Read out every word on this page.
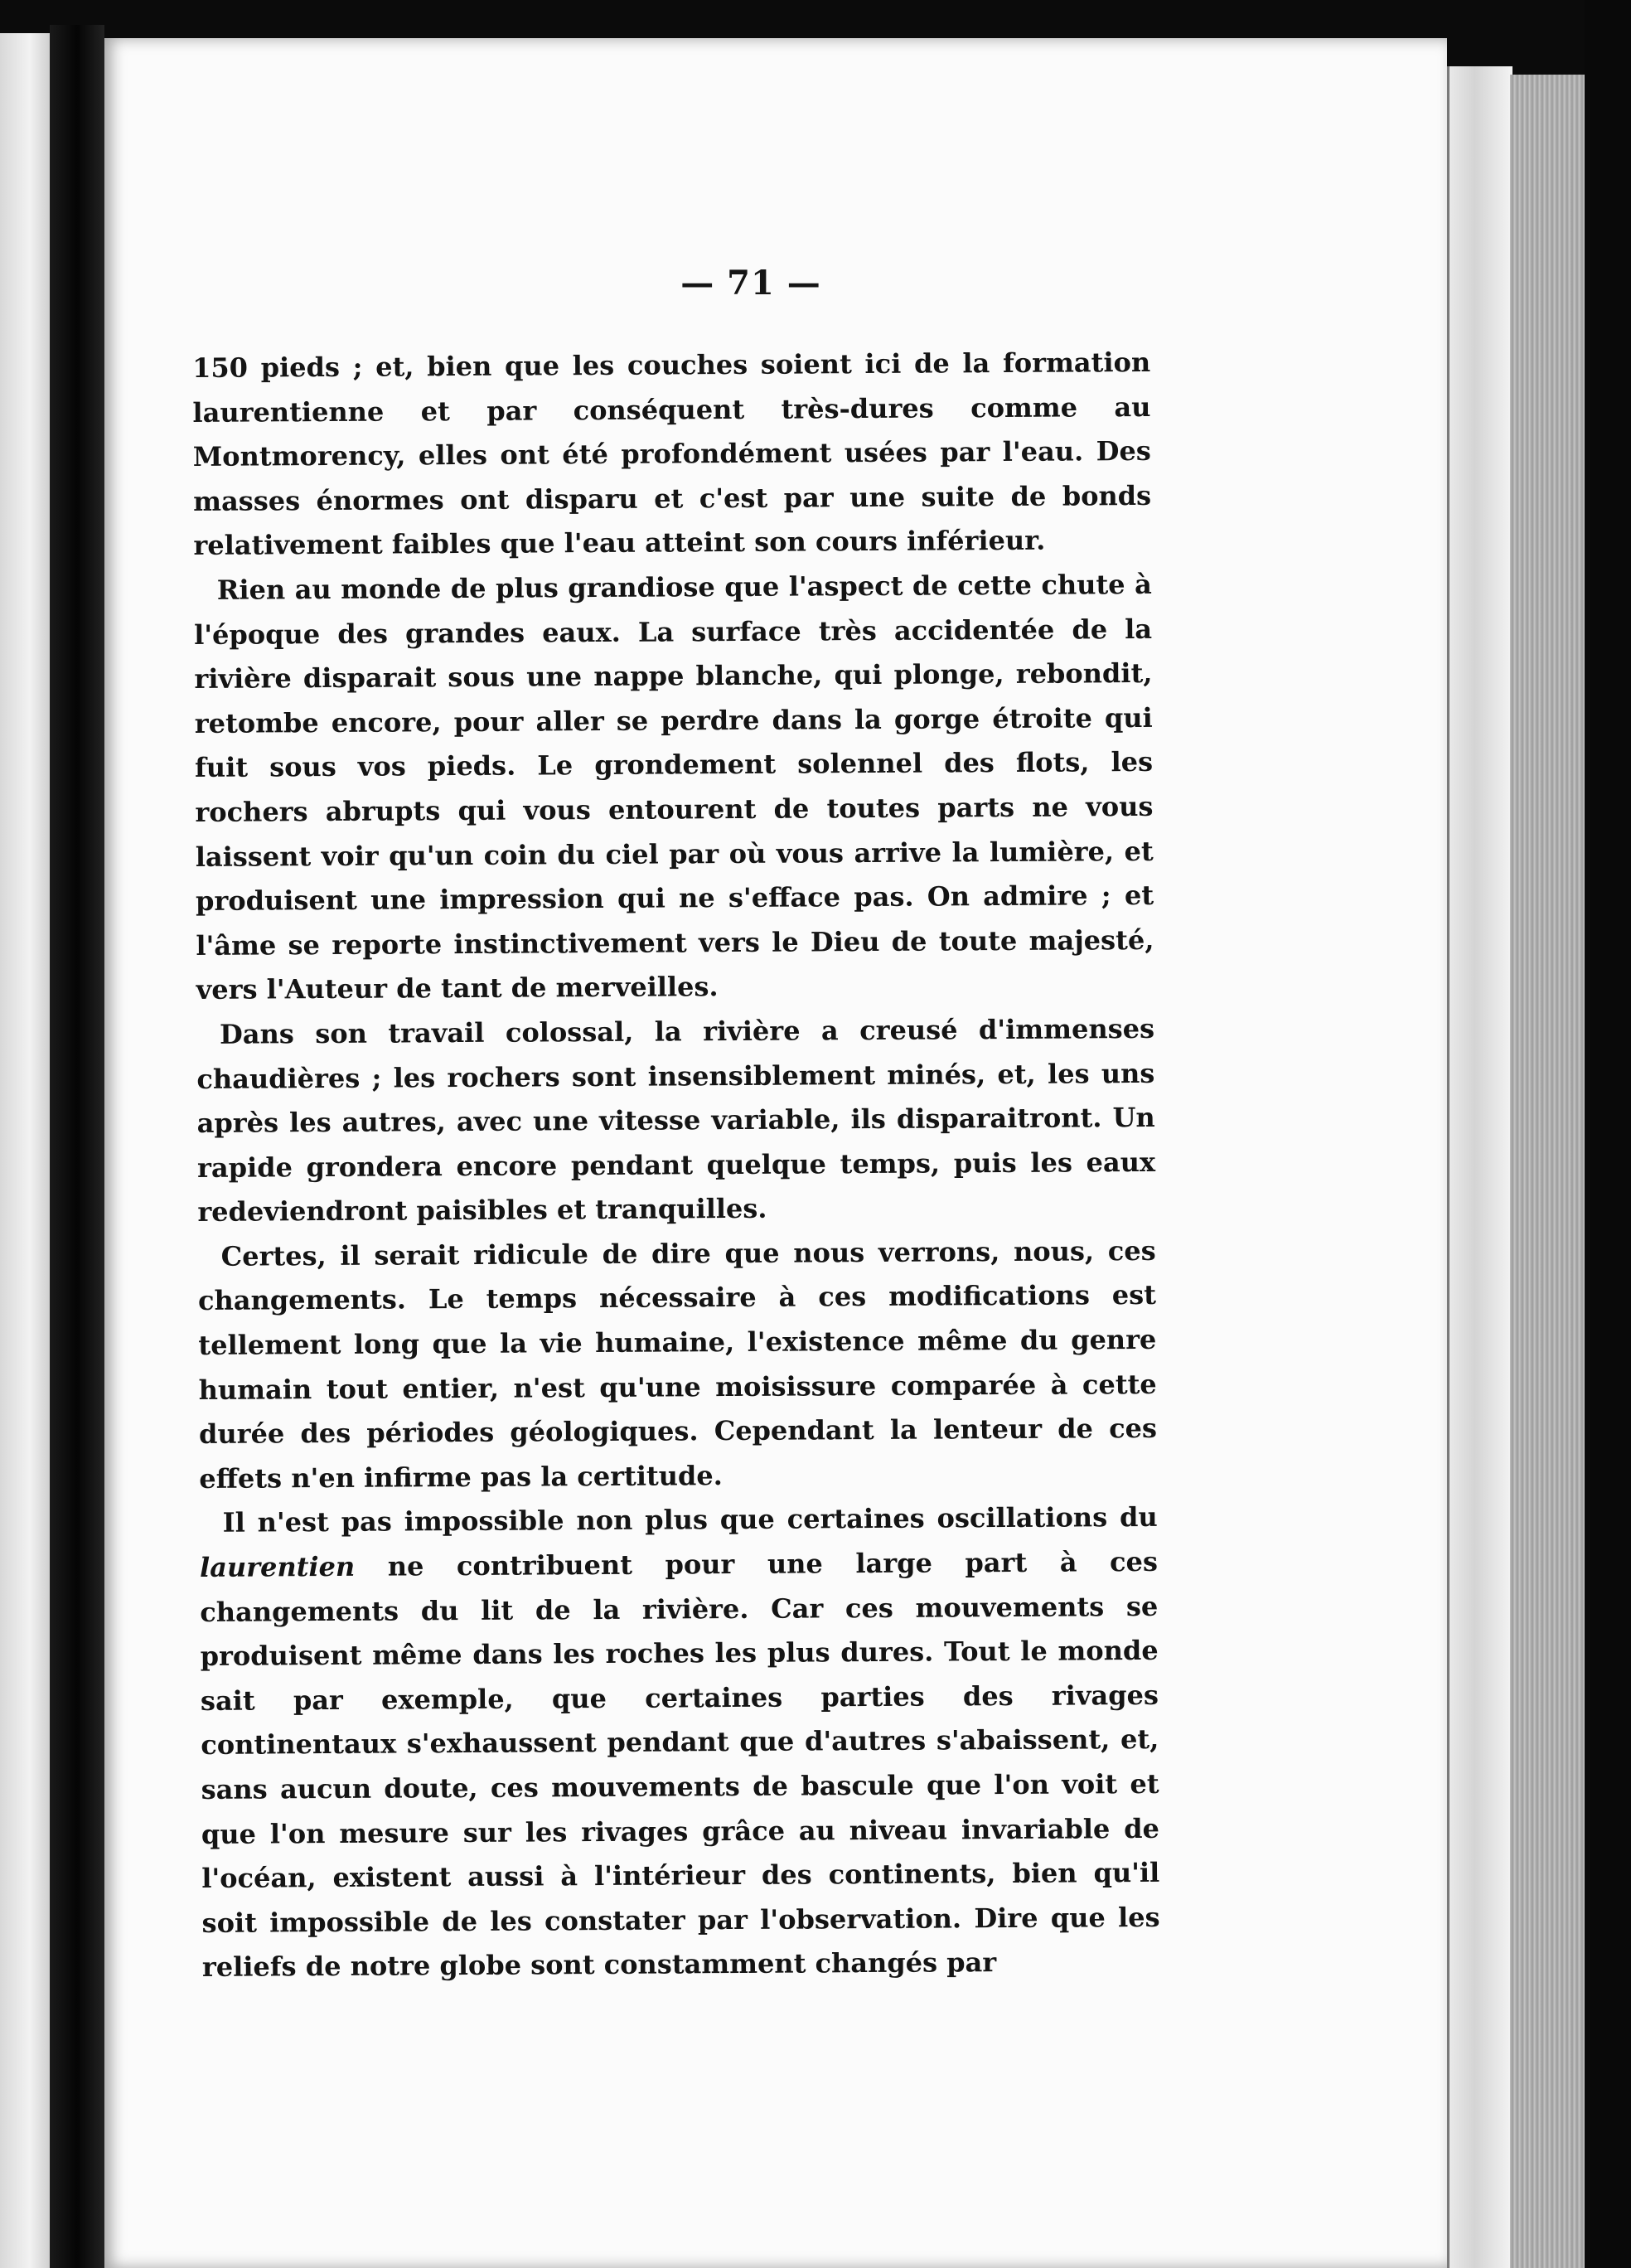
— 71 —

150 pieds ; et, bien que les couches soient ici de la formation laurentienne et par conséquent très-dures comme au Montmorency, elles ont été profondément usées par l'eau. Des masses énormes ont disparu et c'est par une suite de bonds relativement faibles que l'eau atteint son cours inférieur.

Rien au monde de plus grandiose que l'aspect de cette chute à l'époque des grandes eaux. La surface très accidentée de la rivière disparait sous une nappe blanche, qui plonge, rebondit, retombe encore, pour aller se perdre dans la gorge étroite qui fuit sous vos pieds. Le grondement solennel des flots, les rochers abrupts qui vous entourent de toutes parts ne vous laissent voir qu'un coin du ciel par où vous arrive la lumière, et produisent une impression qui ne s'efface pas. On admire ; et l'âme se reporte instinctivement vers le Dieu de toute majesté, vers l'Auteur de tant de merveilles.

Dans son travail colossal, la rivière a creusé d'immenses chaudières ; les rochers sont insensiblement minés, et, les uns après les autres, avec une vitesse variable, ils disparaitront. Un rapide grondera encore pendant quelque temps, puis les eaux redeviendront paisibles et tranquilles.

Certes, il serait ridicule de dire que nous verrons, nous, ces changements. Le temps nécessaire à ces modifications est tellement long que la vie humaine, l'existence même du genre humain tout entier, n'est qu'une moisissure comparée à cette durée des périodes géologiques. Cependant la lenteur de ces effets n'en infirme pas la certitude.

Il n'est pas impossible non plus que certaines oscillations du laurentien ne contribuent pour une large part à ces changements du lit de la rivière. Car ces mouvements se produisent même dans les roches les plus dures. Tout le monde sait par exemple, que certaines parties des rivages continentaux s'exhaussent pendant que d'autres s'abaissent, et, sans aucun doute, ces mouvements de bascule que l'on voit et que l'on mesure sur les rivages grâce au niveau invariable de l'océan, existent aussi à l'intérieur des continents, bien qu'il soit impossible de les constater par l'observation. Dire que les reliefs de notre globe sont constamment changés par
